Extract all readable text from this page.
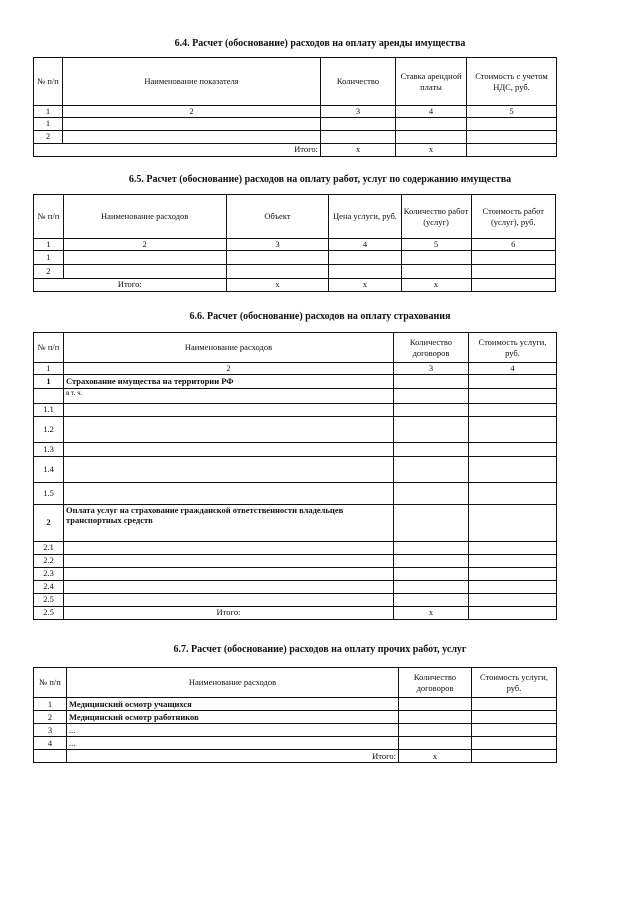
6.4. Расчет (обоснование) расходов на оплату аренды имущества
№ п/п	Наименование показателя	Количество	Ставка арендной платы	Стоимость с учетом НДС, руб.
1	2	3	4	5
1				
2				
Итого:		x	x	
6.5. Расчет (обоснование) расходов на оплату работ, услуг по содержанию имущества
№ п/п	Наименование расходов	Объект	Цена услуги, руб.	Количество работ (услуг)	Стоимость работ (услуг), руб.
1	2	3	4	5	6
1					
2					
Итого:		x	x	x	
6.6. Расчет (обоснование) расходов на оплату страхования
№ п/п	Наименование расходов	Количество договоров	Стоимость услуги, руб.
1	2	3	4
1	Страхование имущества на территории РФ		
	в т. ч.		
1.1			
1.2			
1.3			
1.4			
1.5			
2	Оплата услуг на страхование гражданской ответственности владельцев транспортных средств		
2.1			
2.2			
2.3			
2.4			
2.5			
2.5	Итого:	x	
6.7. Расчет (обоснование) расходов на оплату прочих работ, услуг
№ п/п	Наименование расходов	Количество договоров	Стоимость услуги, руб.
1	Медицинский осмотр учащихся		
2	Медицинский осмотр работников		
3	...		
4	...		
	Итого:	x	
